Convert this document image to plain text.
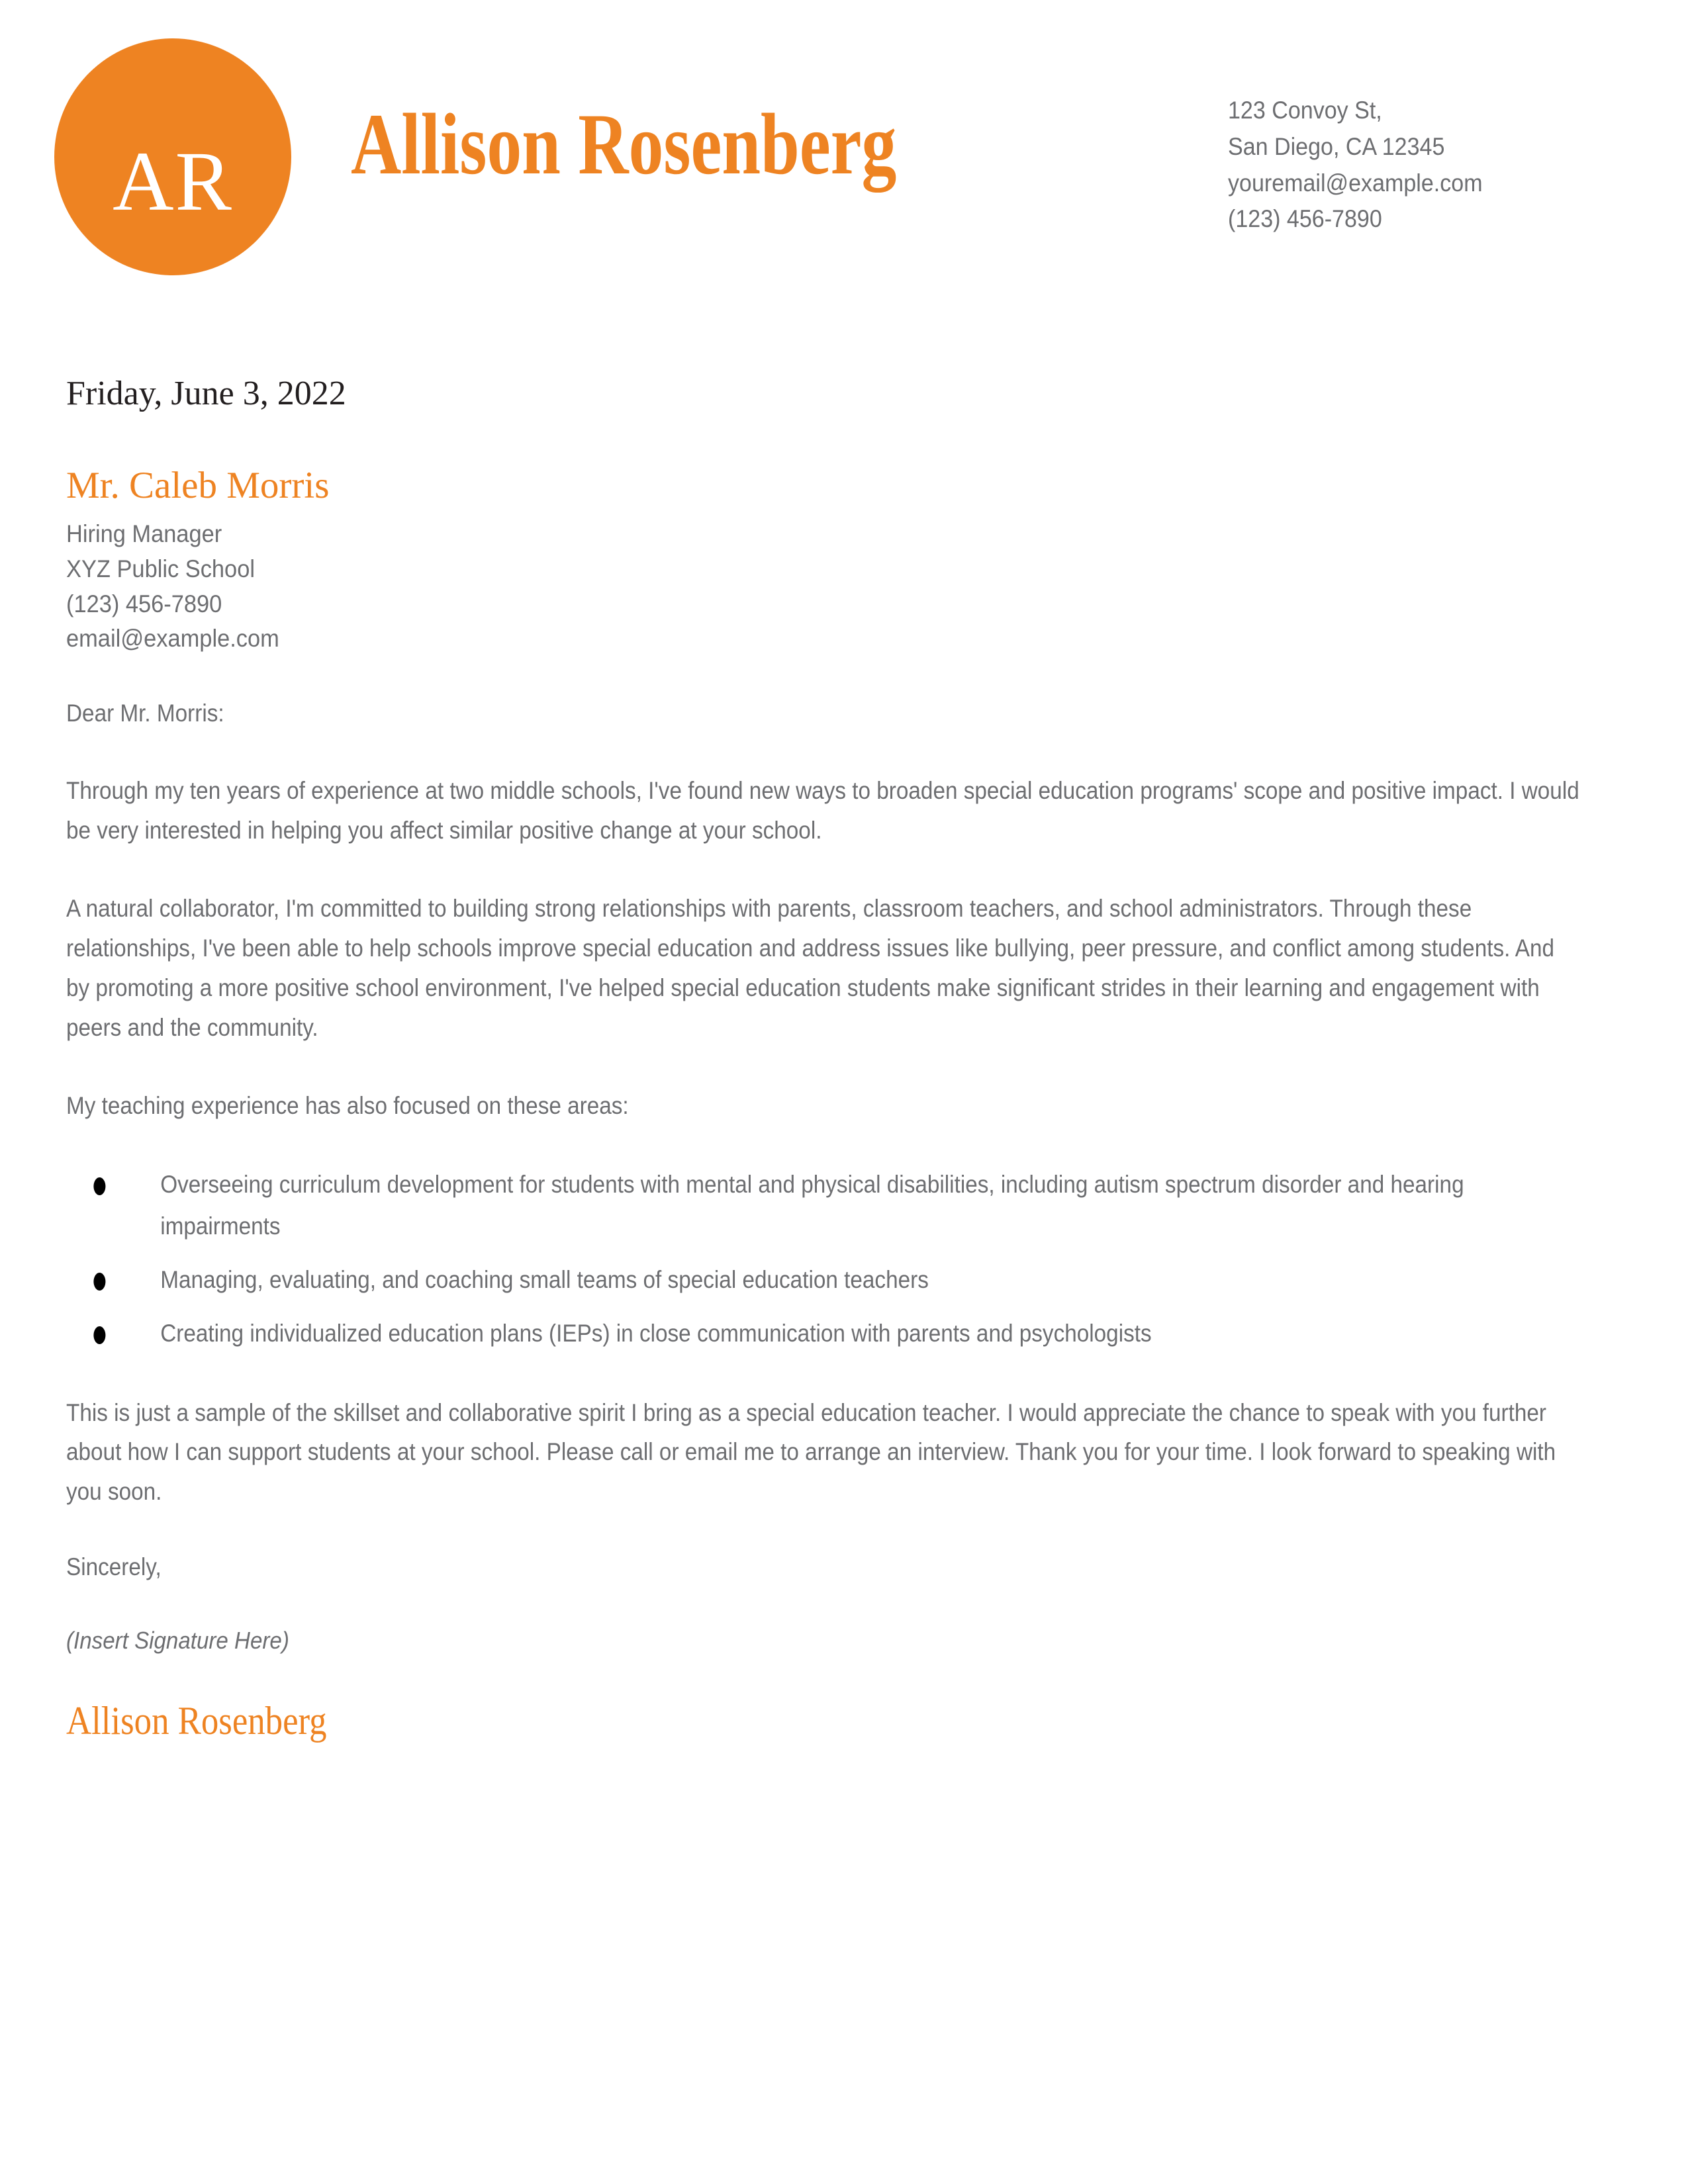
AR	Allison Rosenberg	123 Convoy St,
San Diego, CA 12345
youremail@example.com
(123) 456-7890
Friday, June 3, 2022
Mr. Caleb Morris
Hiring Manager
XYZ Public School
(123) 456-7890
email@example.com
Dear Mr. Morris:

Through my ten years of experience at two middle schools, I've found new ways to broaden special education programs' scope and positive impact. I would be very interested in helping you affect similar positive change at your school.

A natural collaborator, I'm committed to building strong relationships with parents, classroom teachers, and school administrators. Through these relationships, I've been able to help schools improve special education and address issues like bullying, peer pressure, and conflict among students. And by promoting a more positive school environment, I've helped special education students make significant strides in their learning and engagement with peers and the community.

My teaching experience has also focused on these areas:

Overseeing curriculum development for students with mental and physical disabilities, including autism spectrum disorder and hearing impairments
Managing, evaluating, and coaching small teams of special education teachers
Creating individualized education plans (IEPs) in close communication with parents and psychologists

This is just a sample of the skillset and collaborative spirit I bring as a special education teacher. I would appreciate the chance to speak with you further about how I can support students at your school. Please call or email me to arrange an interview. Thank you for your time. I look forward to speaking with you soon.

Sincerely,
(Insert Signature Here)
Allison Rosenberg
